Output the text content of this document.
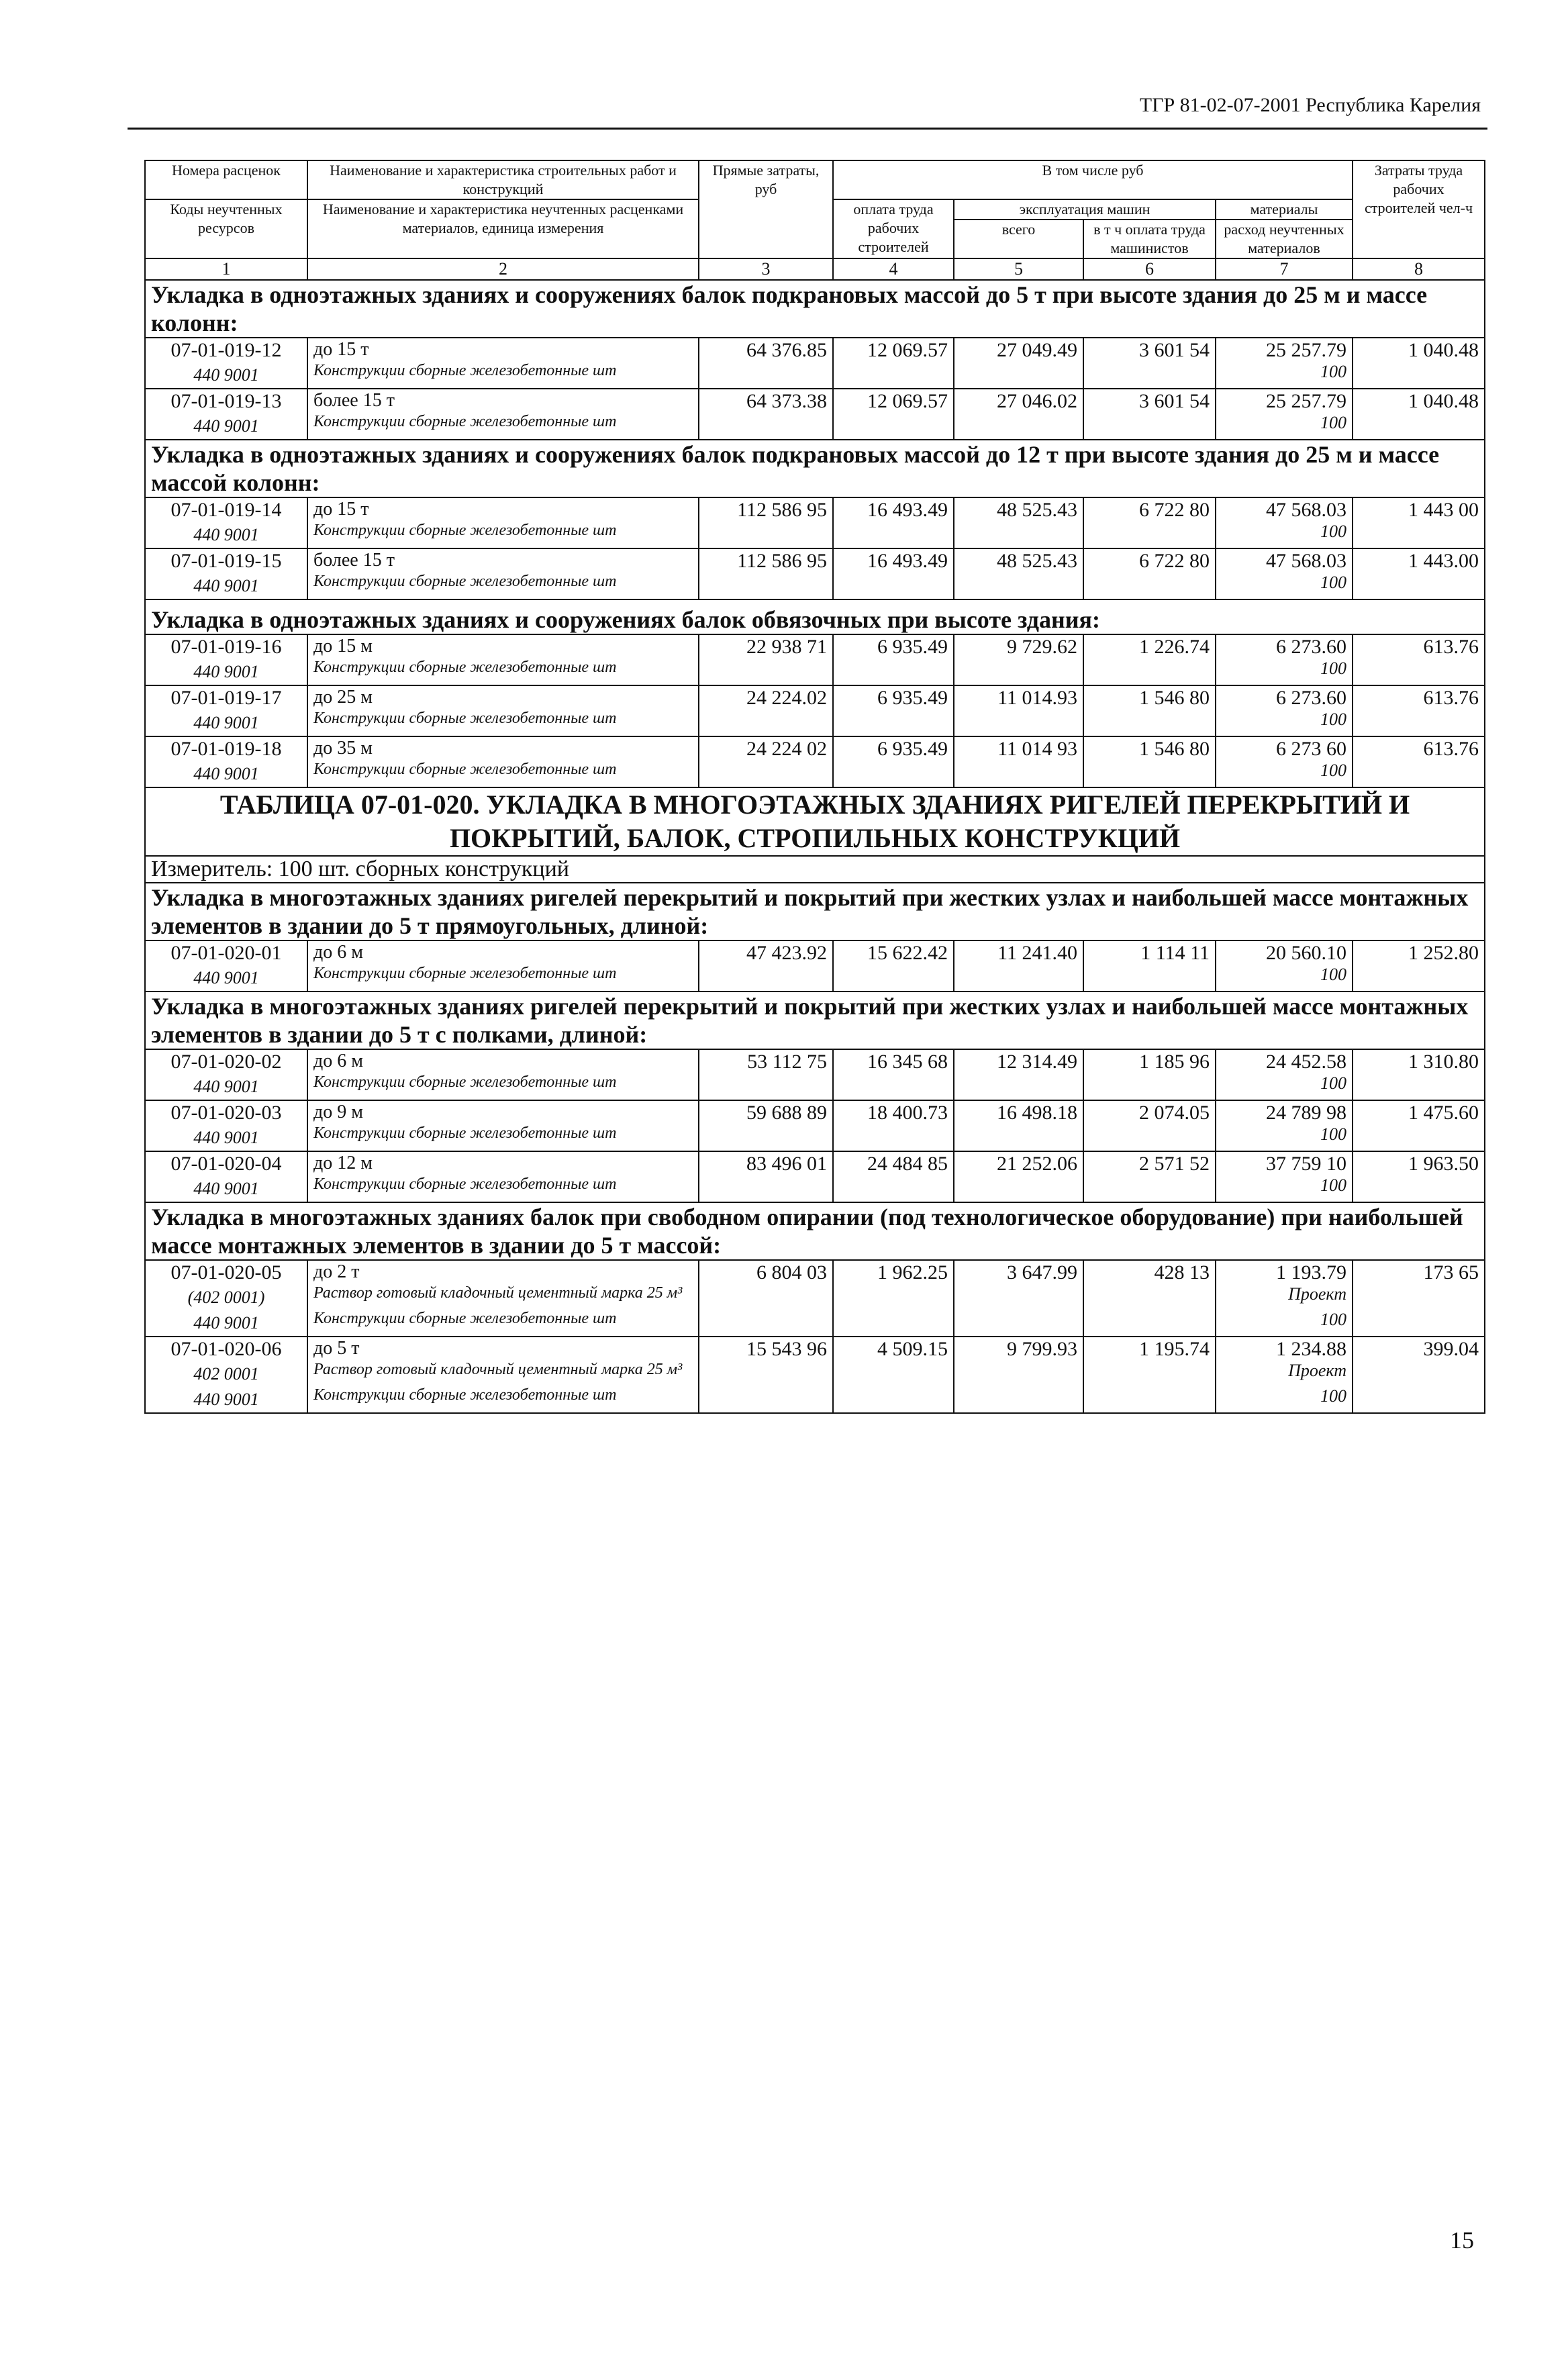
ТГР 81-02-07-2001 Республика Карелия
Номера расценок	Наименование и характеристика строительных работ и конструкций	Прямые затраты, руб	В том числе руб				Затраты труда рабочих строителей чел-ч
Коды неучтенных ресурсов	Наименование и характеристика неучтенных расценками материалов, единица измерения		оплата труда рабочих строителей	эксплуатация машин		материалы	
				всего	в т ч оплата труда машинистов	расход неучтенных материалов	
1	2	3	4	5	6	7	8
Укладка в одноэтажных зданиях и сооружениях балок подкрановых массой до 5 т при высоте здания до 25 м и массе колонн:							
07-01-019-12	до 15 т	64 376.85	12 069.57	27 049.49	3 601 54	25 257.79	1 040.48
440 9001	Конструкции сборные железобетонные шт					100	
07-01-019-13	более 15 т	64 373.38	12 069.57	27 046.02	3 601 54	25 257.79	1 040.48
440 9001	Конструкции сборные железобетонные шт					100	
Укладка в одноэтажных зданиях и сооружениях балок подкрановых массой до 12 т при высоте здания до 25 м и массе массой колонн:							
07-01-019-14	до 15 т	112 586 95	16 493.49	48 525.43	6 722 80	47 568.03	1 443 00
440 9001	Конструкции сборные железобетонные шт					100	
07-01-019-15	более 15 т	112 586 95	16 493.49	48 525.43	6 722 80	47 568.03	1 443.00
440 9001	Конструкции сборные железобетонные шт					100	
Укладка в одноэтажных зданиях и сооружениях балок обвязочных при высоте здания:							
07-01-019-16	до 15 м	22 938 71	6 935.49	9 729.62	1 226.74	6 273.60	613.76
440 9001	Конструкции сборные железобетонные шт					100	
07-01-019-17	до 25 м	24 224.02	6 935.49	11 014.93	1 546 80	6 273.60	613.76
440 9001	Конструкции сборные железобетонные шт					100	
07-01-019-18	до 35 м	24 224 02	6 935.49	11 014 93	1 546 80	6 273 60	613.76
440 9001	Конструкции сборные железобетонные шт					100	
ТАБЛИЦА 07-01-020. УКЛАДКА В МНОГОЭТАЖНЫХ ЗДАНИЯХ РИГЕЛЕЙ ПЕРЕКРЫТИЙ И ПОКРЫТИЙ, БАЛОК, СТРОПИЛЬНЫХ КОНСТРУКЦИЙ							
Измеритель: 100 шт. сборных конструкций							
Укладка в многоэтажных зданиях ригелей перекрытий и покрытий при жестких узлах и наибольшей массе монтажных элементов в здании до 5 т прямоугольных, длиной:							
07-01-020-01	до 6 м	47 423.92	15 622.42	11 241.40	1 114 11	20 560.10	1 252.80
440 9001	Конструкции сборные железобетонные шт					100	
Укладка в многоэтажных зданиях ригелей перекрытий и покрытий при жестких узлах и наибольшей массе монтажных элементов в здании до 5 т с полками, длиной:							
07-01-020-02	до 6 м	53 112 75	16 345 68	12 314.49	1 185 96	24 452.58	1 310.80
440 9001	Конструкции сборные железобетонные шт					100	
07-01-020-03	до 9 м	59 688 89	18 400.73	16 498.18	2 074.05	24 789 98	1 475.60
440 9001	Конструкции сборные железобетонные шт					100	
07-01-020-04	до 12 м	83 496 01	24 484 85	21 252.06	2 571 52	37 759 10	1 963.50
440 9001	Конструкции сборные железобетонные шт					100	
Укладка в многоэтажных зданиях балок при свободном опирании (под технологическое оборудование) при наибольшей массе монтажных элементов в здании до 5 т массой:							
07-01-020-05	до 2 т	6 804 03	1 962.25	3 647.99	428 13	1 193.79	173 65
(402 0001)	Раствор готовый кладочный цементный марка 25 м³					Проект	
440 9001	Конструкции сборные железобетонные шт					100	
07-01-020-06	до 5 т	15 543 96	4 509.15	9 799.93	1 195.74	1 234.88	399.04
402 0001	Раствор готовый кладочный цементный марка 25 м³					Проект	
440 9001	Конструкции сборные железобетонные шт					100	
15
